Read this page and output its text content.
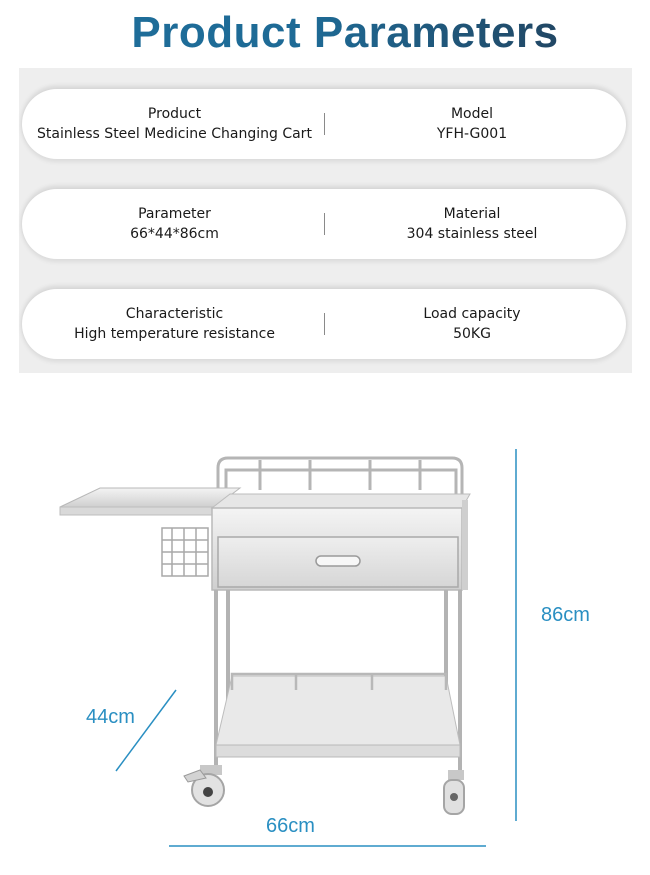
Product Parameters
Product
Stainless Steel Medicine Changing Cart
Model
YFH-G001
Parameter
66*44*86cm
Material
304 stainless steel
Characteristic
High temperature resistance
Load capacity
50KG
86cm
44cm
66cm
